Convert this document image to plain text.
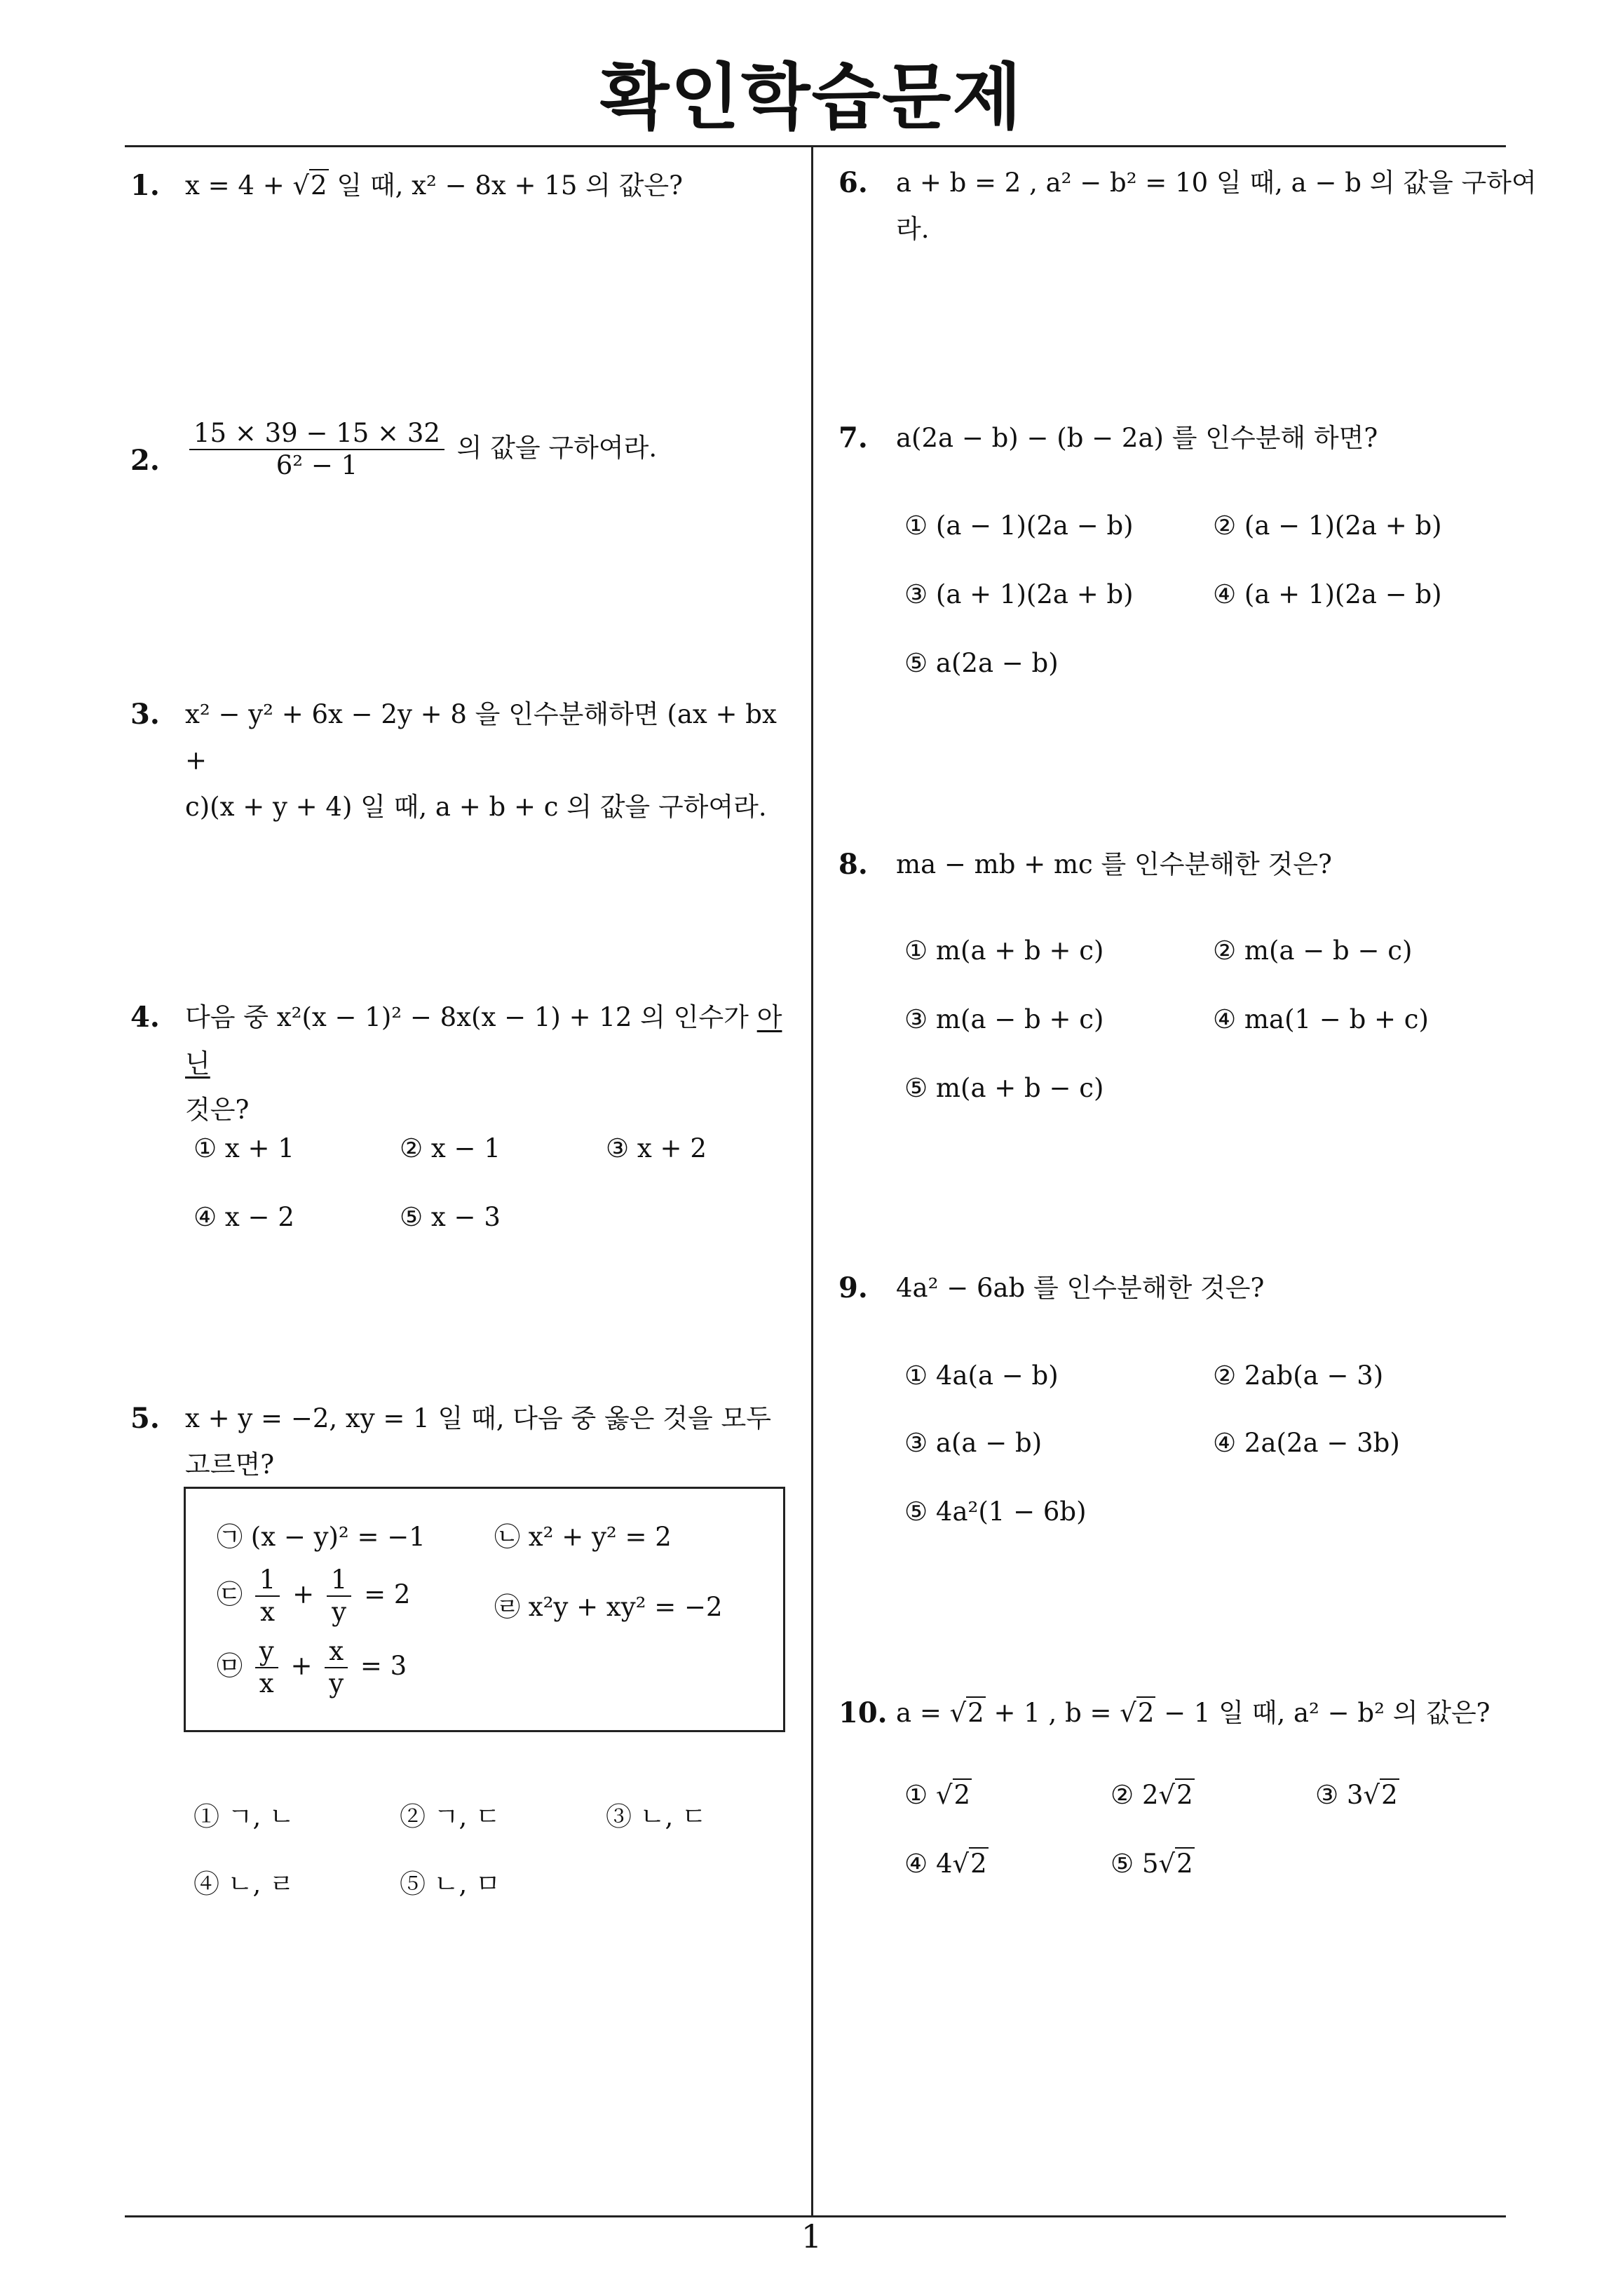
확인학습문제
1. x = 4 + √2 일 때, x² − 8x + 15 의 값은?
2. $\frac{15 \times 39 - 15 \times 32}{\text{6² − 1}}$ 의 값을 구하여라.
3. x² − y² + 6x − 2y + 8 을 인수분해하면 (ax + bx +
c)(x + y + 4) 일 때, a + b + c 의 값을 구하여라.
4. 다음 중 x²(x − 1)² − 8x(x − 1) + 12 의 인수가 아닌
것은?
① x + 1	② x − 1	③ x + 2
④ x − 2	⑤ x − 3
5. x + y = −2, xy = 1 일 때, 다음 중 옳은 것을 모두
고르면?
㉠ (x − y)² = −1	㉡ x² + y² = 2
㉢ $\frac{1}{x} + \frac{1}{y} = 2$	㉣ x²y + xy² = −2
㉤ $\frac{y}{x} + \frac{x}{y} = 3$
① ㄱ, ㄴ	② ㄱ, ㄷ	③ ㄴ, ㄷ
④ ㄴ, ㄹ	⑤ ㄴ, ㅁ
6. a + b = 2 , a² − b² = 10 일 때, a − b 의 값을 구하여라.
7. a(2a − b) − (b − 2a) 를 인수분해 하면?
① (a − 1)(2a − b)	② (a − 1)(2a + b)
③ (a + 1)(2a + b)	④ (a + 1)(2a − b)
⑤ a(2a − b)
8. ma − mb + mc 를 인수분해한 것은?
① m(a + b + c)	② m(a − b − c)
③ m(a − b + c)	④ ma(1 − b + c)
⑤ m(a + b − c)
9. 4a² − 6ab 를 인수분해한 것은?
① 4a(a − b)	② 2ab(a − 3)
③ a(a − b)	④ 2a(2a − 3b)
⑤ 4a²(1 − 6b)
10. a = √2 + 1 , b = √2 − 1 일 때, a² − b² 의 값은?
① √2	② 2√2	③ 3√2
④ 4√2	⑤ 5√2
1
